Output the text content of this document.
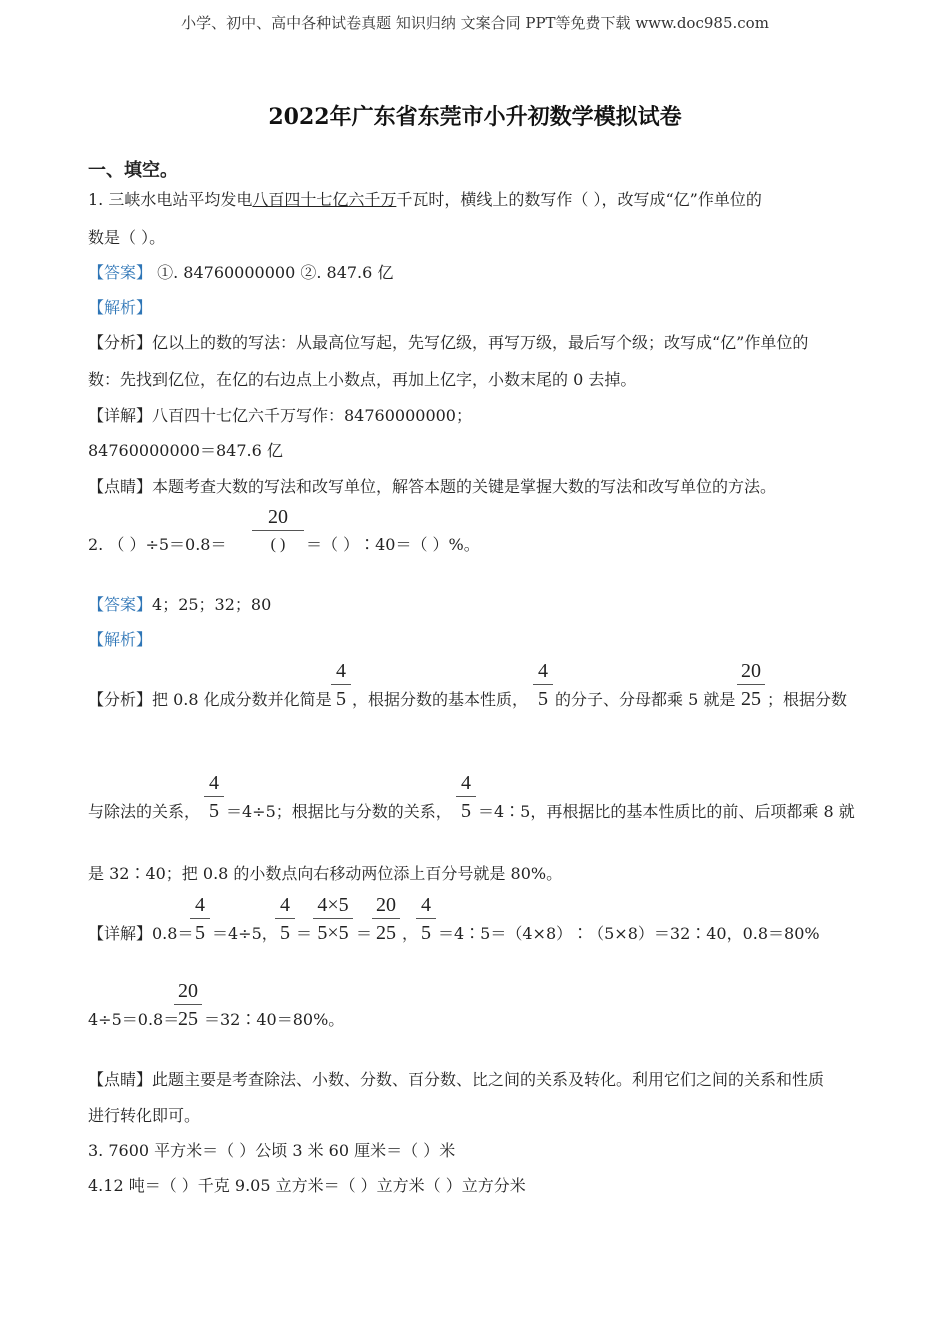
小学、初中、高中各种试卷真题 知识归纳 文案合同 PPT等免费下载 www.doc985.com
2022年广东省东莞市小升初数学模拟试卷
一、填空。
1. 三峡水电站平均发电八百四十七亿六千万千瓦时，横线上的数写作（ ），改写成“亿”作单位的
数是（ ）。
【答案】 ①. 84760000000 ②. 847.6 亿
【解析】
【分析】亿以上的数的写法：从最高位写起，先写亿级，再写万级，最后写个级；改写成“亿”作单位的
数：先找到亿位，在亿的右边点上小数点，再加上亿字，小数末尾的 0 去掉。
【详解】八百四十七亿六千万写作：84760000000；
84760000000＝847.6 亿
【点睛】本题考查大数的写法和改写单位，解答本题的关键是掌握大数的写法和改写单位的方法。
2. （ ）÷5＝0.8＝
20
( )	＝（ ）∶40＝（ ）%。
【答案】4；25；32；80
【解析】
【分析】把 0.8 化成分数并化简是
4
5 ，根据分数的基本性质，
4
5 的分子、分母都乘 5 就是
20
25 ；根据分数
与除法的关系，
4
5 ＝4÷5；根据比与分数的关系，
4
5 ＝4∶5，再根据比的基本性质比的前、后项都乘 8 就
是 32∶40；把 0.8 的小数点向右移动两位添上百分号就是 80%。
【详解】0.8＝
4
5 ＝4÷5，
4
5 ＝
4×5
5×5 ＝
20
25 ，
4
5 ＝4∶5＝（4×8）∶（5×8）＝32∶40，0.8＝80%
4÷5＝0.8＝
20
25 ＝32∶40＝80%。
【点睛】此题主要是考查除法、小数、分数、百分数、比之间的关系及转化。利用它们之间的关系和性质
进行转化即可。
3. 7600 平方米＝（ ）公顷 3 米 60 厘米＝（ ）米
4.12 吨＝（ ）千克 9.05 立方米＝（ ）立方米（ ）立方分米
